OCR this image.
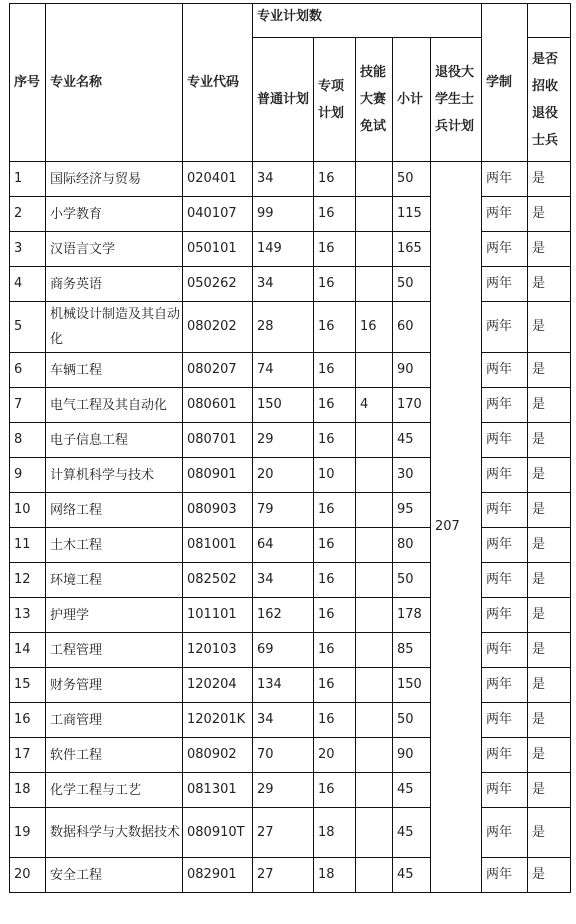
序号	专业名称	专业代码	专业计划数					学制	
			普通计划	专项计划	技能大赛免试	小计	退役大学生士兵计划		是否招收退役士兵
1	国际经济与贸易	020401	34	16		50	207	两年	是
2	小学教育	040107	99	16		115		两年	是
3	汉语言文学	050101	149	16		165		两年	是
4	商务英语	050262	34	16		50		两年	是
5	机械设计制造及其自动化	080202	28	16	16	60		两年	是
6	车辆工程	080207	74	16		90		两年	是
7	电气工程及其自动化	080601	150	16	4	170		两年	是
8	电子信息工程	080701	29	16		45		两年	是
9	计算机科学与技术	080901	20	10		30		两年	是
10	网络工程	080903	79	16		95		两年	是
11	土木工程	081001	64	16		80		两年	是
12	环境工程	082502	34	16		50		两年	是
13	护理学	101101	162	16		178		两年	是
14	工程管理	120103	69	16		85		两年	是
15	财务管理	120204	134	16		150		两年	是
16	工商管理	120201K	34	16		50		两年	是
17	软件工程	080902	70	20		90		两年	是
18	化学工程与工艺	081301	29	16		45		两年	是
19	数据科学与大数据技术	080910T	27	18		45		两年	是
20	安全工程	082901	27	18		45		两年	是
